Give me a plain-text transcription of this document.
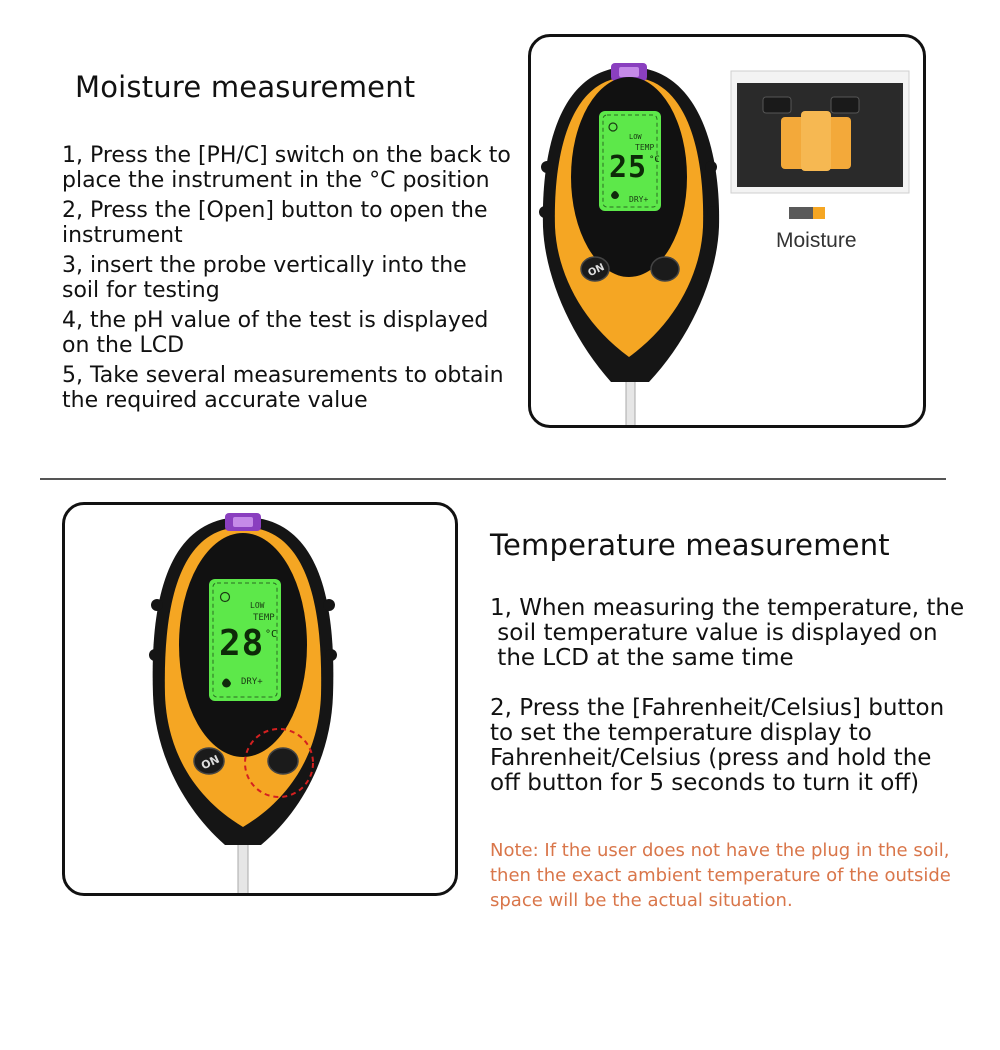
Moisture measurement
1, Press the [PH/C] switch on the back to
place the instrument in the °C position
2, Press the [Open] button to open the
instrument
3, insert the probe vertically into the
soil for testing
4, the pH value of the test is displayed
on the LCD
5, Take several measurements to obtain
the required accurate value
LOW
TEMP
25 °C
DRY+
ON
Moisture
LOW
TEMP
28 °C
DRY+
ON
Temperature measurement
1, When measuring the temperature, the
soil temperature value is displayed on
the LCD at the same time
2, Press the [Fahrenheit/Celsius] button
to set the temperature display to
Fahrenheit/Celsius (press and hold the
off button for 5 seconds to turn it off)
Note: If the user does not have the plug in the soil,
then the exact ambient temperature of the outside
space will be the actual situation.
